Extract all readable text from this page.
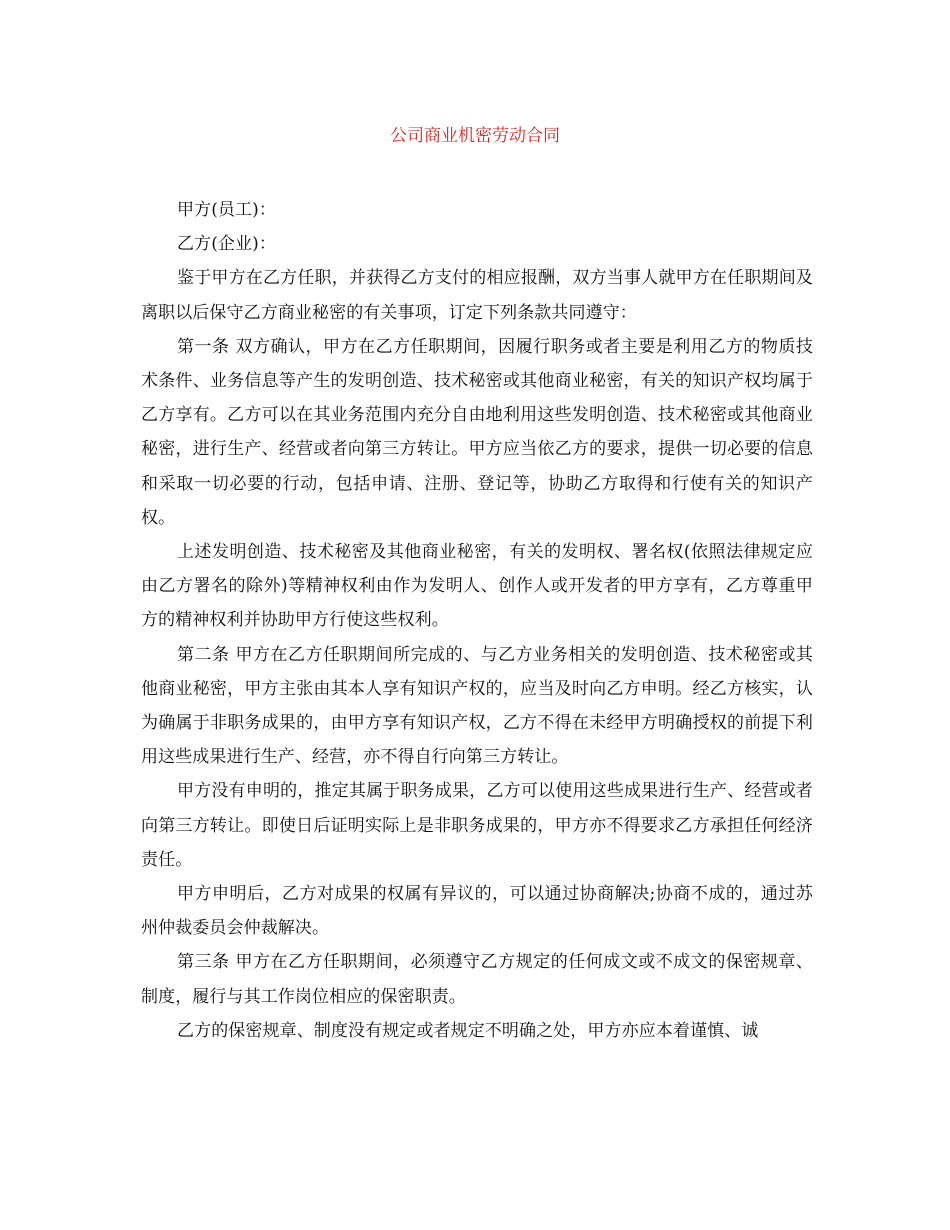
公司商业机密劳动合同

甲方(员工)：

乙方(企业)：

鉴于甲方在乙方任职，并获得乙方支付的相应报酬，双方当事人就甲方在任职期间及离职以后保守乙方商业秘密的有关事项，订定下列条款共同遵守：

第一条 双方确认，甲方在乙方任职期间，因履行职务或者主要是利用乙方的物质技术条件、业务信息等产生的发明创造、技术秘密或其他商业秘密，有关的知识产权均属于乙方享有。乙方可以在其业务范围内充分自由地利用这些发明创造、技术秘密或其他商业秘密，进行生产、经营或者向第三方转让。甲方应当依乙方的要求，提供一切必要的信息和采取一切必要的行动，包括申请、注册、登记等，协助乙方取得和行使有关的知识产权。

上述发明创造、技术秘密及其他商业秘密，有关的发明权、署名权(依照法律规定应由乙方署名的除外)等精神权利由作为发明人、创作人或开发者的甲方享有，乙方尊重甲方的精神权利并协助甲方行使这些权利。

第二条 甲方在乙方任职期间所完成的、与乙方业务相关的发明创造、技术秘密或其他商业秘密，甲方主张由其本人享有知识产权的，应当及时向乙方申明。经乙方核实，认为确属于非职务成果的，由甲方享有知识产权，乙方不得在未经甲方明确授权的前提下利用这些成果进行生产、经营，亦不得自行向第三方转让。

甲方没有申明的，推定其属于职务成果，乙方可以使用这些成果进行生产、经营或者向第三方转让。即使日后证明实际上是非职务成果的，甲方亦不得要求乙方承担任何经济责任。

甲方申明后，乙方对成果的权属有异议的，可以通过协商解决;协商不成的，通过苏州仲裁委员会仲裁解决。

第三条 甲方在乙方任职期间，必须遵守乙方规定的任何成文或不成文的保密规章、制度，履行与其工作岗位相应的保密职责。

乙方的保密规章、制度没有规定或者规定不明确之处，甲方亦应本着谨慎、诚
